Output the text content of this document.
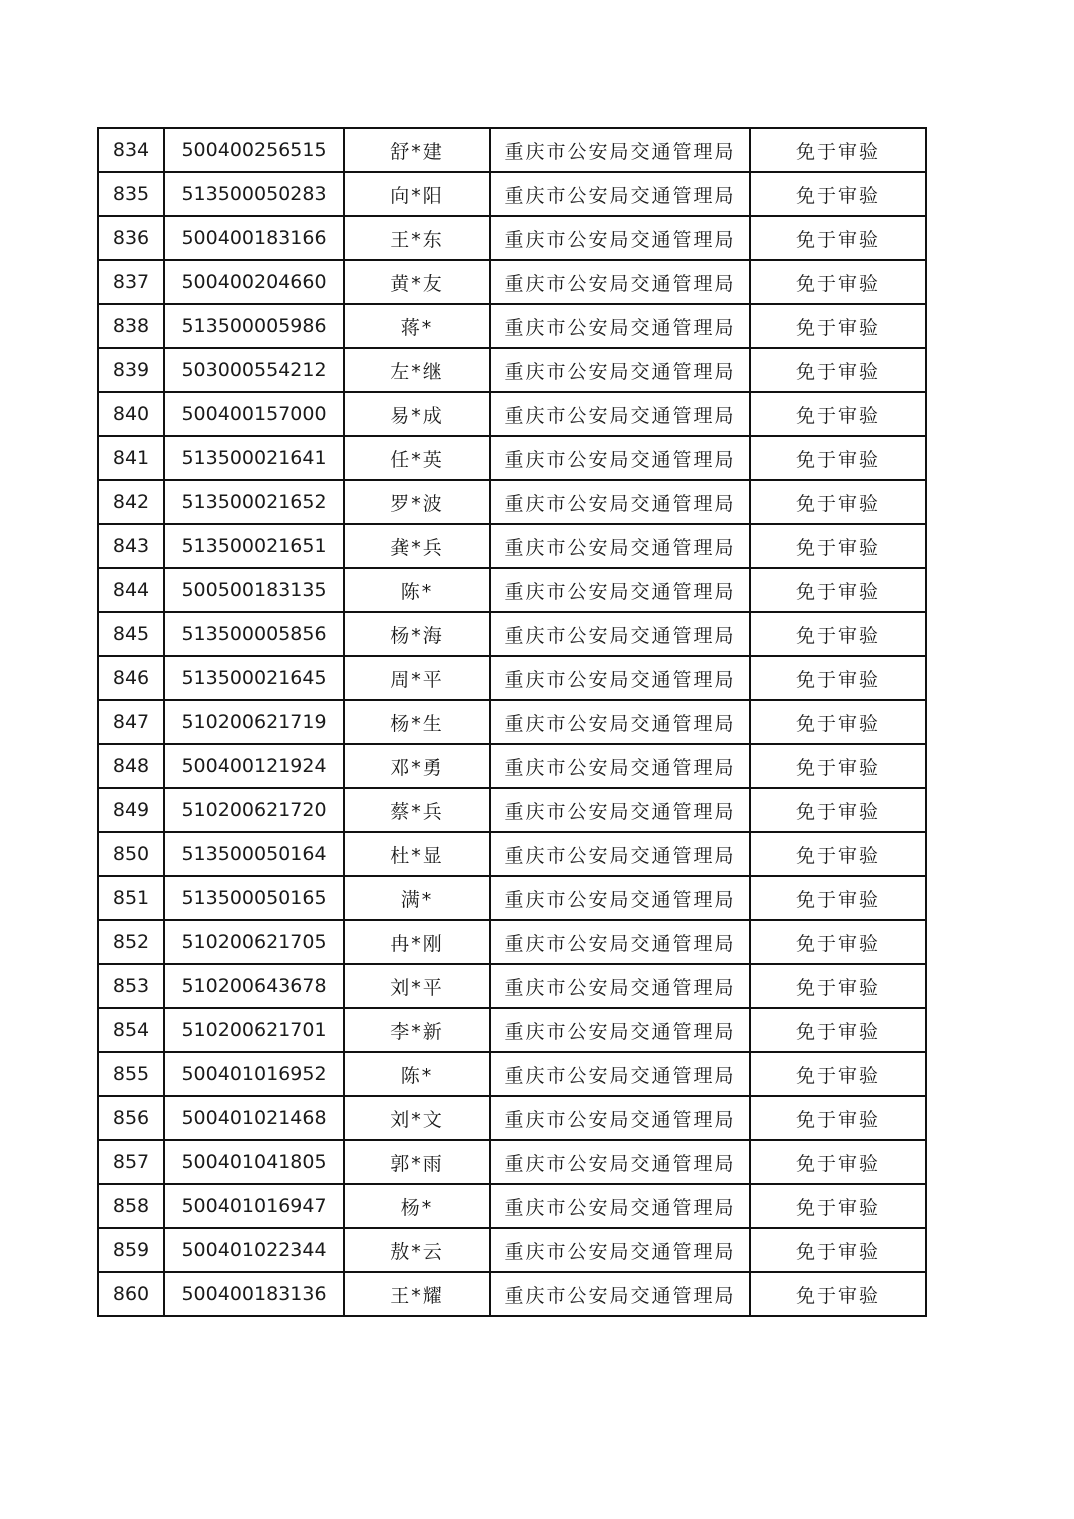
834	500400256515	舒*建	重庆市公安局交通管理局	免于审验
835	513500050283	向*阳	重庆市公安局交通管理局	免于审验
836	500400183166	王*东	重庆市公安局交通管理局	免于审验
837	500400204660	黄*友	重庆市公安局交通管理局	免于审验
838	513500005986	蒋*	重庆市公安局交通管理局	免于审验
839	503000554212	左*继	重庆市公安局交通管理局	免于审验
840	500400157000	易*成	重庆市公安局交通管理局	免于审验
841	513500021641	任*英	重庆市公安局交通管理局	免于审验
842	513500021652	罗*波	重庆市公安局交通管理局	免于审验
843	513500021651	龚*兵	重庆市公安局交通管理局	免于审验
844	500500183135	陈*	重庆市公安局交通管理局	免于审验
845	513500005856	杨*海	重庆市公安局交通管理局	免于审验
846	513500021645	周*平	重庆市公安局交通管理局	免于审验
847	510200621719	杨*生	重庆市公安局交通管理局	免于审验
848	500400121924	邓*勇	重庆市公安局交通管理局	免于审验
849	510200621720	蔡*兵	重庆市公安局交通管理局	免于审验
850	513500050164	杜*显	重庆市公安局交通管理局	免于审验
851	513500050165	满*	重庆市公安局交通管理局	免于审验
852	510200621705	冉*刚	重庆市公安局交通管理局	免于审验
853	510200643678	刘*平	重庆市公安局交通管理局	免于审验
854	510200621701	李*新	重庆市公安局交通管理局	免于审验
855	500401016952	陈*	重庆市公安局交通管理局	免于审验
856	500401021468	刘*文	重庆市公安局交通管理局	免于审验
857	500401041805	郭*雨	重庆市公安局交通管理局	免于审验
858	500401016947	杨*	重庆市公安局交通管理局	免于审验
859	500401022344	敖*云	重庆市公安局交通管理局	免于审验
860	500400183136	王*耀	重庆市公安局交通管理局	免于审验
